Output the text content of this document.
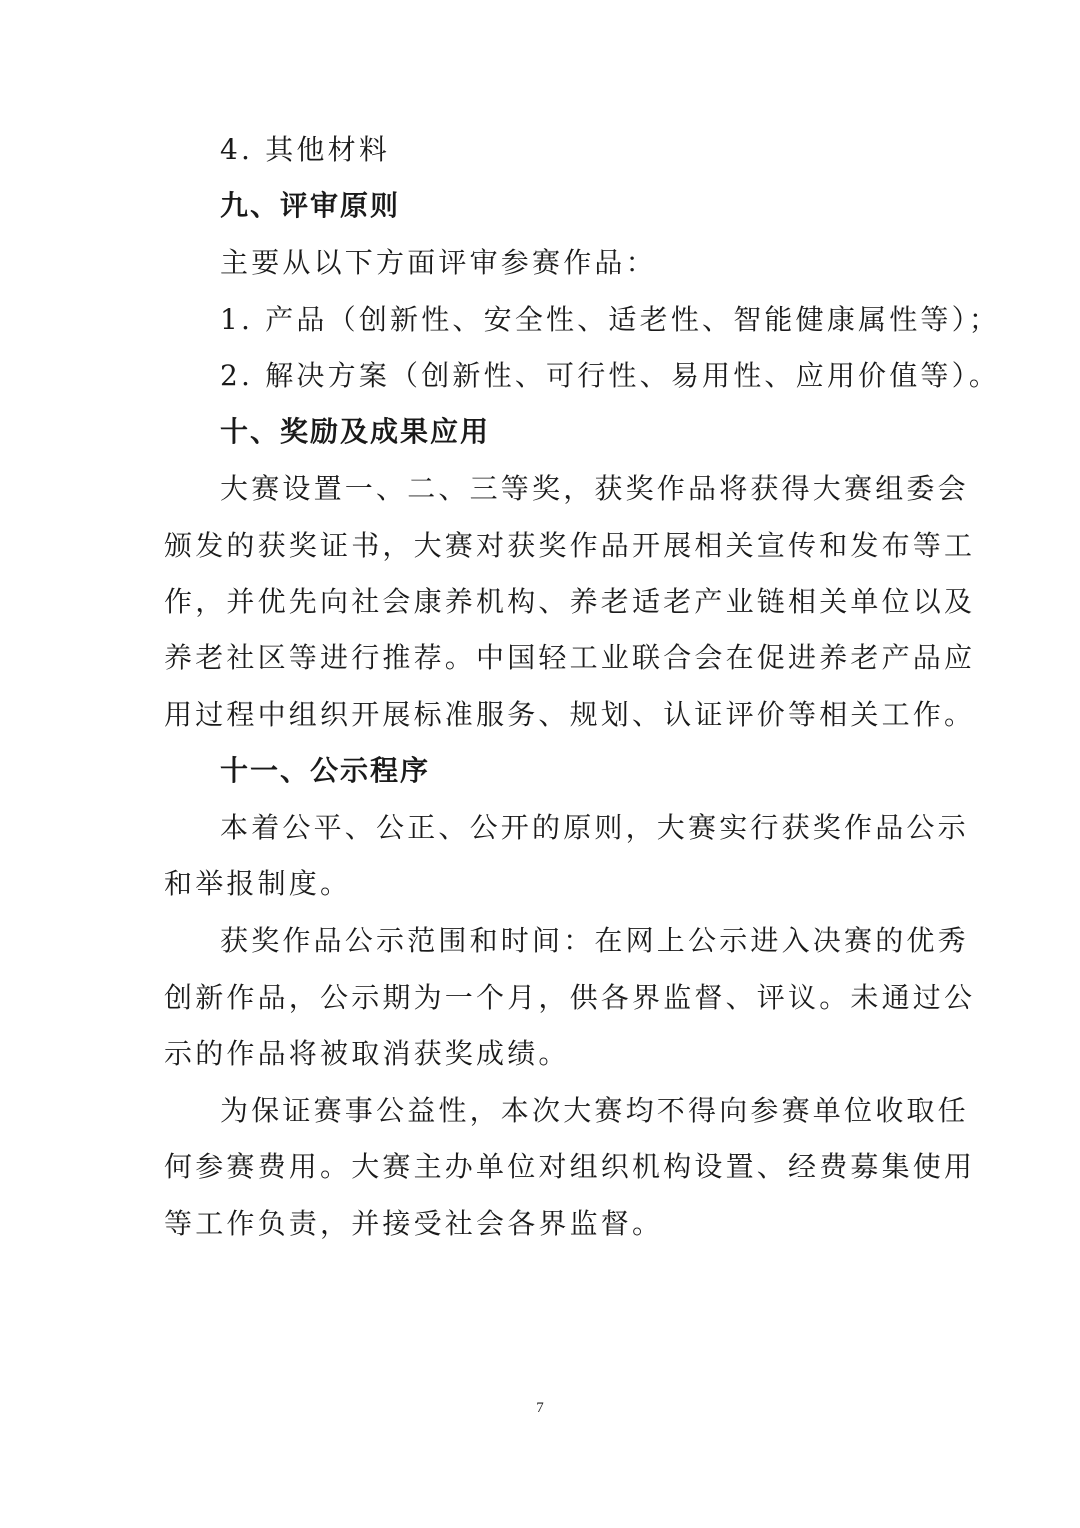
4. 其他材料
九、评审原则
主要从以下方面评审参赛作品：
1. 产品（创新性、安全性、适老性、智能健康属性等）；
2. 解决方案（创新性、可行性、易用性、应用价值等）。
十、奖励及成果应用
大赛设置一、二、三等奖，获奖作品将获得大赛组委会
颁发的获奖证书，大赛对获奖作品开展相关宣传和发布等工
作，并优先向社会康养机构、养老适老产业链相关单位以及
养老社区等进行推荐。中国轻工业联合会在促进养老产品应
用过程中组织开展标准服务、规划、认证评价等相关工作。
十一、公示程序
本着公平、公正、公开的原则，大赛实行获奖作品公示
和举报制度。
获奖作品公示范围和时间：在网上公示进入决赛的优秀
创新作品，公示期为一个月，供各界监督、评议。未通过公
示的作品将被取消获奖成绩。
为保证赛事公益性，本次大赛均不得向参赛单位收取任
何参赛费用。大赛主办单位对组织机构设置、经费募集使用
等工作负责，并接受社会各界监督。
7
